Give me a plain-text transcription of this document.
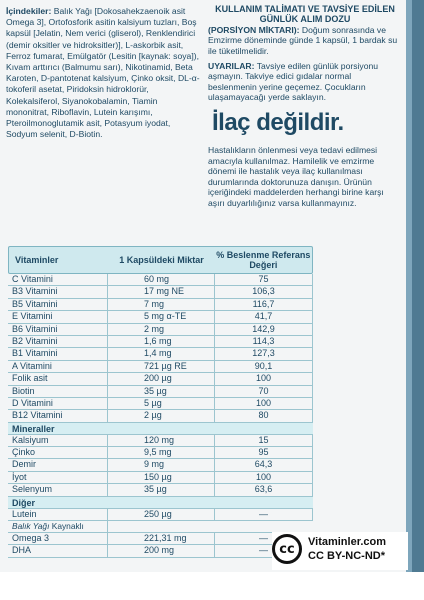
İçindekiler: Balık Yağı [Dokosahekzaenoik asit Omega 3], Ortofosforik asitin kalsiyum tuzları, Boş kapsül [Jelatin, Nem verici (gliserol), Renklendirici (demir oksitler ve hidroksitler)], L-askorbik asit, Ferroz fumarat, Emülgatör (Lesitin [kaynak: soya]), Kıvam arttırıcı (Balmumu sarı), Nikotinamid, Beta Karoten, D-pantotenat kalsiyum, Çinko oksit, DL-α-tokoferil asetat, Piridoksin hidroklorür, Kolekalsiferol, Siyanokobalamin, Tiamin mononitrat, Riboflavin, Lutein karışımı, Pteroilmonoglutamik asit, Potasyum iyodat, Sodyum selenit, D-Biotin.
KULLANIM TALİMATI VE TAVSİYE EDİLEN GÜNLÜK ALIM DOZU

(PORSİYON MİKTARI): Doğum sonrasında ve Emzirme döneminde günde 1 kapsül, 1 bardak su ile tüketilmelidir.

UYARILAR: Tavsiye edilen günlük porsiyonu aşmayın. Takviye edici gıdalar normal beslenmenin yerine geçemez. Çocukların ulaşamayacağı yerde saklayın.

İlaç değildir.

Hastalıkların önlenmesi veya tedavi edilmesi amacıyla kullanılmaz. Hamilelik ve emzirme dönemi ile hastalık veya ilaç kullanılması durumlarında doktorunuza danışın. Ürünün içeriğindeki maddelerden herhangi birine karşı aşırı duyarlılığınız varsa kullanmayınız.

Vitaminler	1 Kapsüldeki Miktar	% Beslenme Referans Değeri
C Vitamini	60 mg	75
B3 Vitamini	17 mg NE	106,3
B5 Vitamini	7 mg	116,7
E Vitamini	5 mg α-TE	41,7
B6 Vitamini	2 mg	142,9
B2 Vitamini	1,6 mg	114,3
B1 Vitamini	1,4 mg	127,3
A Vitamini	721 µg RE	90,1
Folik asit	200 µg	100
Biotin	35 µg	70
D Vitamini	5 µg	100
B12 Vitamini	2 µg	80
Mineraller
Kalsiyum	120 mg	15
Çinko	9,5 mg	95
Demir	9 mg	64,3
İyot	150 µg	100
Selenyum	35 µg	63,6
Diğer
Lutein	250 µg	—
Balık Yağı Kaynaklı
Omega 3	221,31 mg	—
DHA	200 mg	— cc	Vitaminler.com
CC BY-NC-ND*
